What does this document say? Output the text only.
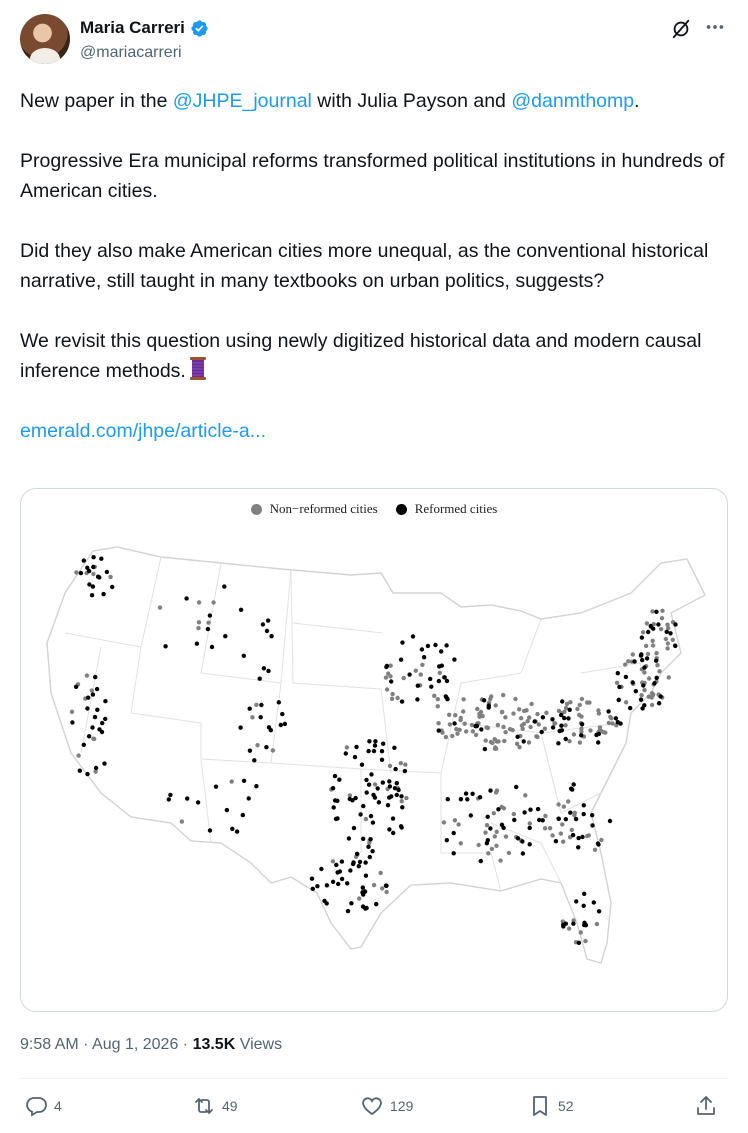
Maria Carreri
@mariacarreri
New paper in the @JHPE_journal with Julia Payson and @danmthomp.
Progressive Era municipal reforms transformed political institutions in hundreds of American cities.
Did they also make American cities more unequal, as the conventional historical narrative, still taught in many textbooks on urban politics, suggests?
We revisit this question using newly digitized historical data and modern causal inference methods.
emerald.com/jhpe/article-a...
Non−reformed cities	Reformed cities
9:58 AM · Aug 1, 2026 · 13.5K Views
4	49	129	52
